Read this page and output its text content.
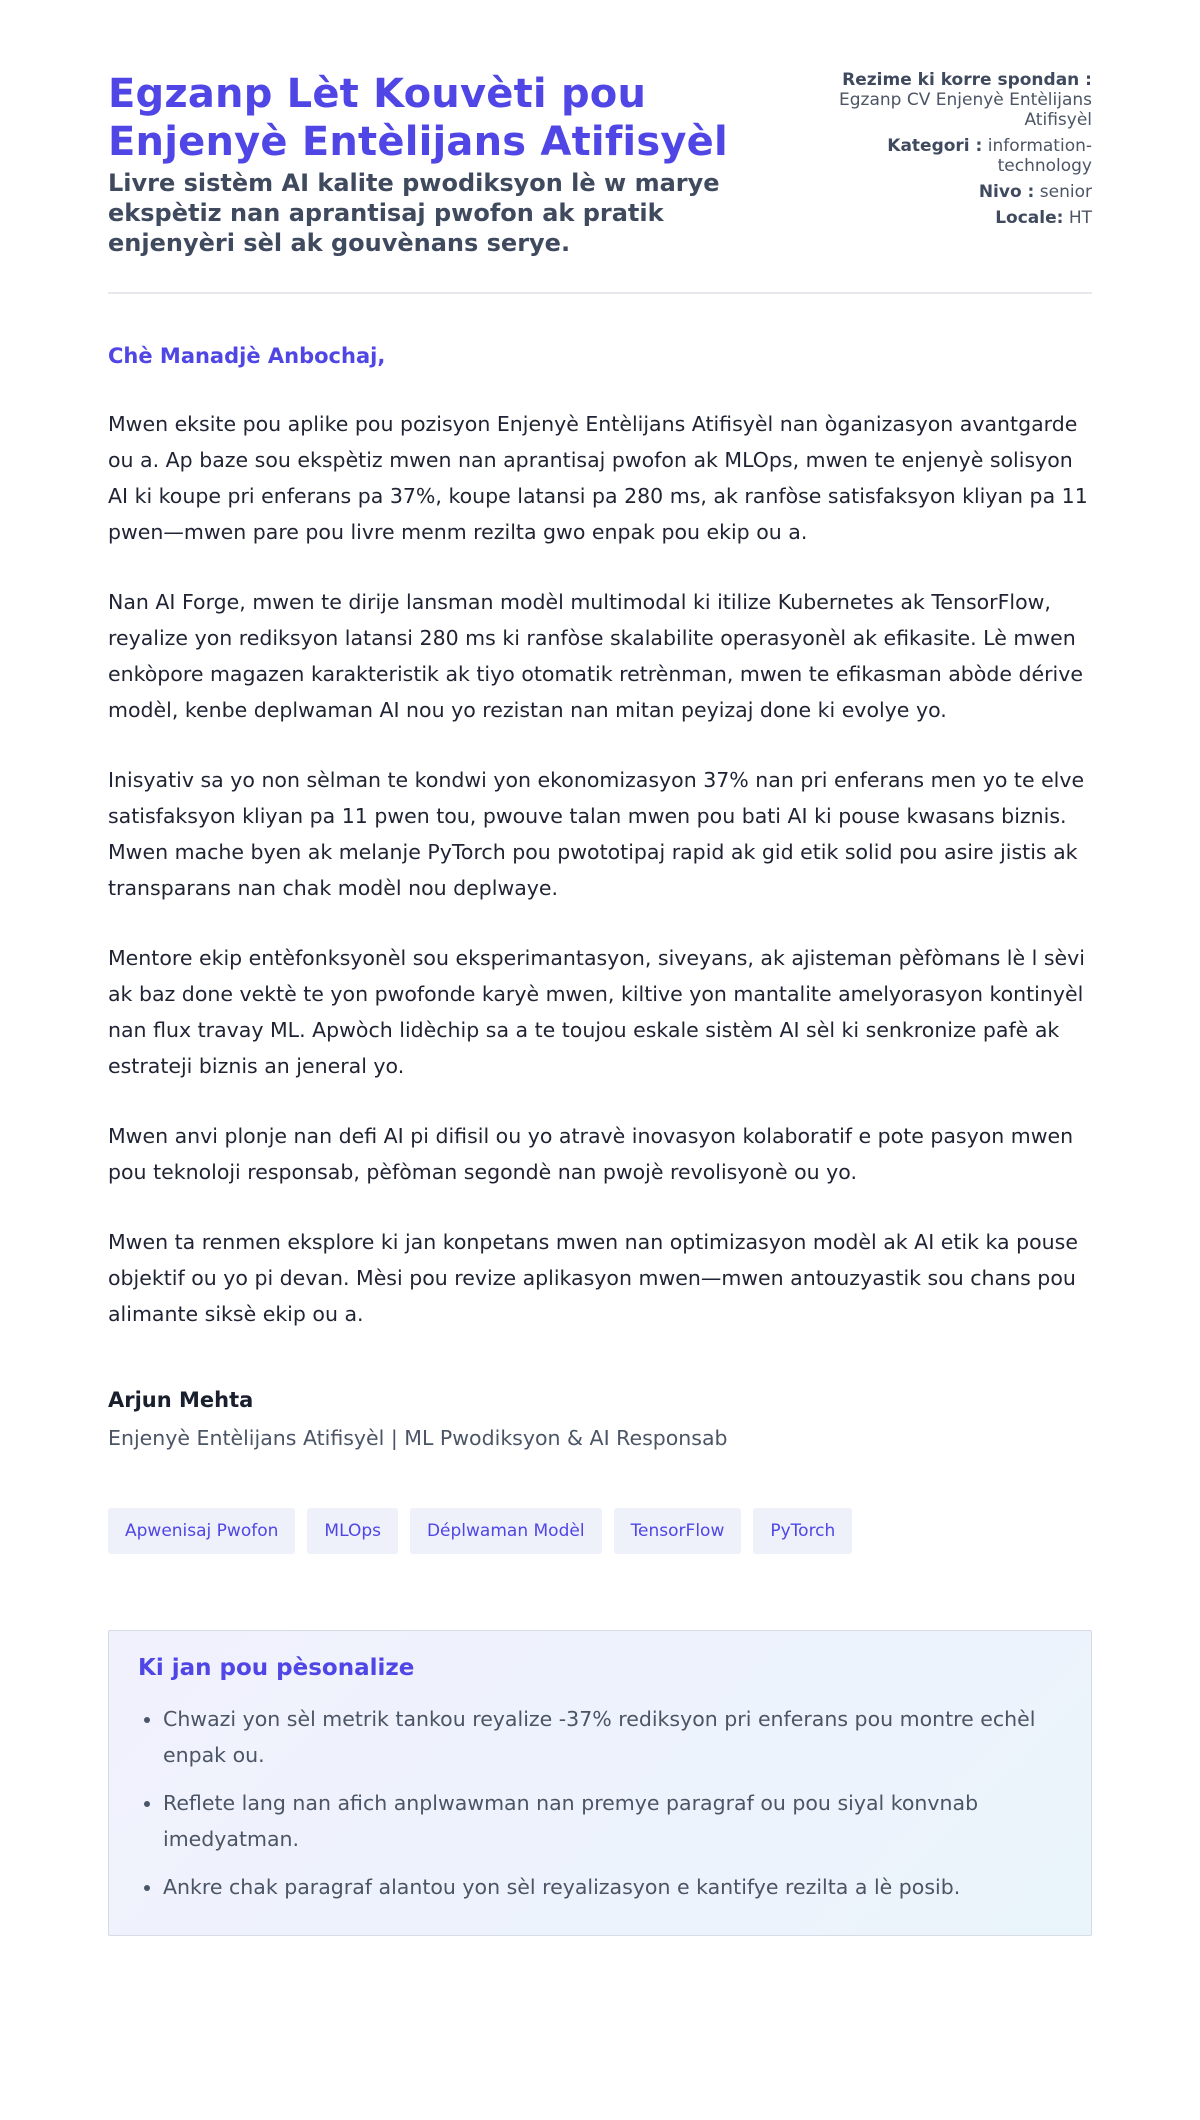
Egzanp Lèt Kouvèti pou Enjenyè Entèlijans Atifisyèl
Livre sistèm AI kalite pwodiksyon lè w marye ekspètiz nan aprantisaj pwofon ak pratik enjenyèri sèl ak gouvènans serye.
Rezime ki korre spondan : Egzanp CV Enjenyè Entèlijans Atifisyèl
Kategori : information-technology
Nivo : senior
Locale: HT
Chè Manadjè Anbochaj,

Mwen eksite pou aplike pou pozisyon Enjenyè Entèlijans Atifisyèl nan òganizasyon avantgarde ou a. Ap baze sou ekspètiz mwen nan aprantisaj pwofon ak MLOps, mwen te enjenyè solisyon AI ki koupe pri enferans pa 37%, koupe latansi pa 280 ms, ak ranfòse satisfaksyon kliyan pa 11 pwen—mwen pare pou livre menm rezilta gwo enpak pou ekip ou a.

Nan AI Forge, mwen te dirije lansman modèl multimodal ki itilize Kubernetes ak TensorFlow, reyalize yon rediksyon latansi 280 ms ki ranfòse skalabilite operasyonèl ak efikasite. Lè mwen enkòpore magazen karakteristik ak tiyo otomatik retrènman, mwen te efikasman abòde dérive modèl, kenbe deplwaman AI nou yo rezistan nan mitan peyizaj done ki evolye yo.

Inisyativ sa yo non sèlman te kondwi yon ekonomizasyon 37% nan pri enferans men yo te elve satisfaksyon kliyan pa 11 pwen tou, pwouve talan mwen pou bati AI ki pouse kwasans biznis. Mwen mache byen ak melanje PyTorch pou pwototipaj rapid ak gid etik solid pou asire jistis ak transparans nan chak modèl nou deplwaye.

Mentore ekip entèfonksyonèl sou eksperimantasyon, siveyans, ak ajisteman pèfòmans lè l sèvi ak baz done vektè te yon pwofonde karyè mwen, kiltive yon mantalite amelyorasyon kontinyèl nan flux travay ML. Apwòch lidèchip sa a te toujou eskale sistèm AI sèl ki senkronize pafè ak estrateji biznis an jeneral yo.

Mwen anvi plonje nan defi AI pi difisil ou yo atravè inovasyon kolaboratif e pote pasyon mwen pou teknoloji responsab, pèfòman segondè nan pwojè revolisyonè ou yo.

Mwen ta renmen eksplore ki jan konpetans mwen nan optimizasyon modèl ak AI etik ka pouse objektif ou yo pi devan. Mèsi pou revize aplikasyon mwen—mwen antouzyastik sou chans pou alimante siksè ekip ou a.

Arjun Mehta
Enjenyè Entèlijans Atifisyèl | ML Pwodiksyon & AI Responsab
Apwenisaj Pwofon	MLOps	Déplwaman Modèl	TensorFlow	PyTorch
Ki jan pou pèsonalize
• Chwazi yon sèl metrik tankou reyalize -37% rediksyon pri enferans pou montre echèl enpak ou.
• Reflete lang nan afich anplwawman nan premye paragraf ou pou siyal konvnab imedyatman.
• Ankre chak paragraf alantou yon sèl reyalizasyon e kantifye rezilta a lè posib.
